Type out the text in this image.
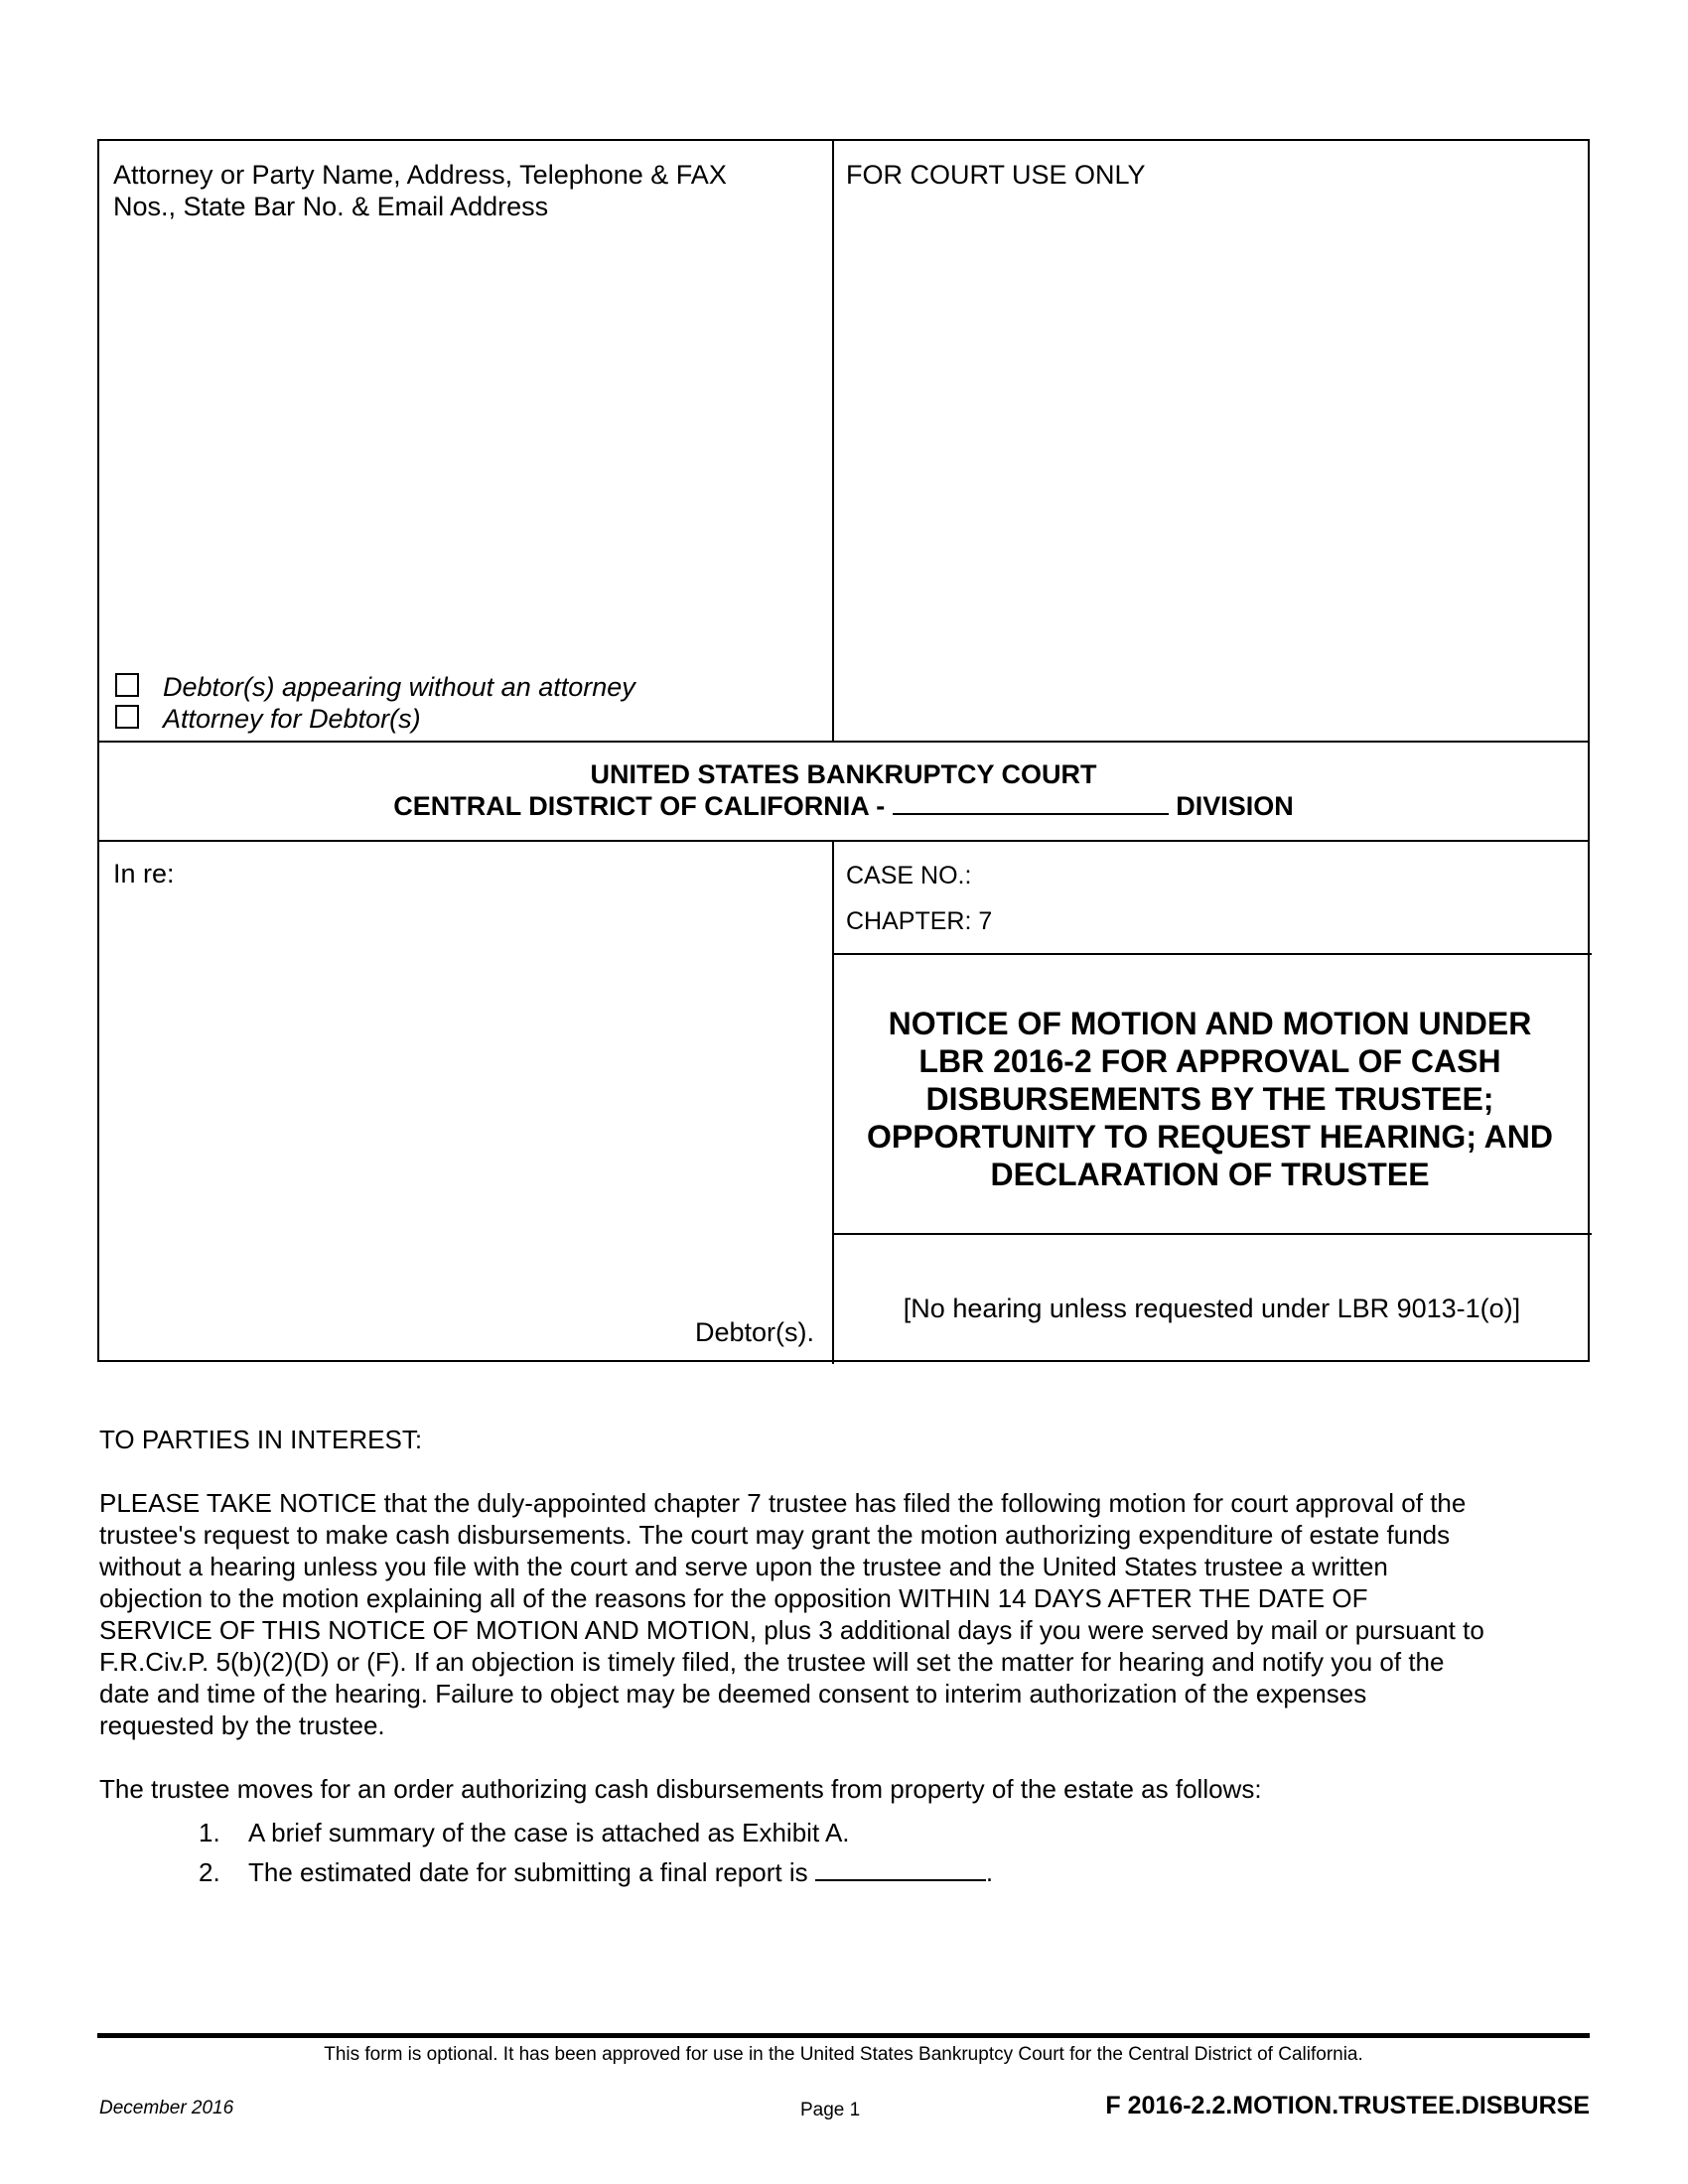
Attorney or Party Name, Address, Telephone & FAX
Nos., State Bar No. & Email Address
FOR COURT USE ONLY
Debtor(s) appearing without an attorney
Attorney for Debtor(s)
UNITED STATES BANKRUPTCY COURT
CENTRAL DISTRICT OF CALIFORNIA -	DIVISION
In re:
Debtor(s).
CASE NO.:
CHAPTER: 7
[No hearing unless requested under LBR 9013-1(o)]
NOTICE OF MOTION AND MOTION UNDER
LBR 2016-2 FOR APPROVAL OF CASH
DISBURSEMENTS BY THE TRUSTEE;
OPPORTUNITY TO REQUEST HEARING; AND
DECLARATION OF TRUSTEE
TO PARTIES IN INTEREST:
PLEASE TAKE NOTICE that the duly-appointed chapter 7 trustee has filed the following motion for court approval of the
trustee's request to make cash disbursements. The court may grant the motion authorizing expenditure of estate funds
without a hearing unless you file with the court and serve upon the trustee and the United States trustee a written
objection to the motion explaining all of the reasons for the opposition WITHIN 14 DAYS AFTER THE DATE OF
SERVICE OF THIS NOTICE OF MOTION AND MOTION, plus 3 additional days if you were served by mail or pursuant to
F.R.Civ.P. 5(b)(2)(D) or (F). If an objection is timely filed, the trustee will set the matter for hearing and notify you of the
date and time of the hearing. Failure to object may be deemed consent to interim authorization of the expenses
requested by the trustee.
The trustee moves for an order authorizing cash disbursements from property of the estate as follows:
1. A brief summary of the case is attached as Exhibit A.
2. The estimated date for submitting a final report is	.
This form is optional. It has been approved for use in the United States Bankruptcy Court for the Central District of California.
December 2016	Page 1	F 2016-2.2.MOTION.TRUSTEE.DISBURSE
